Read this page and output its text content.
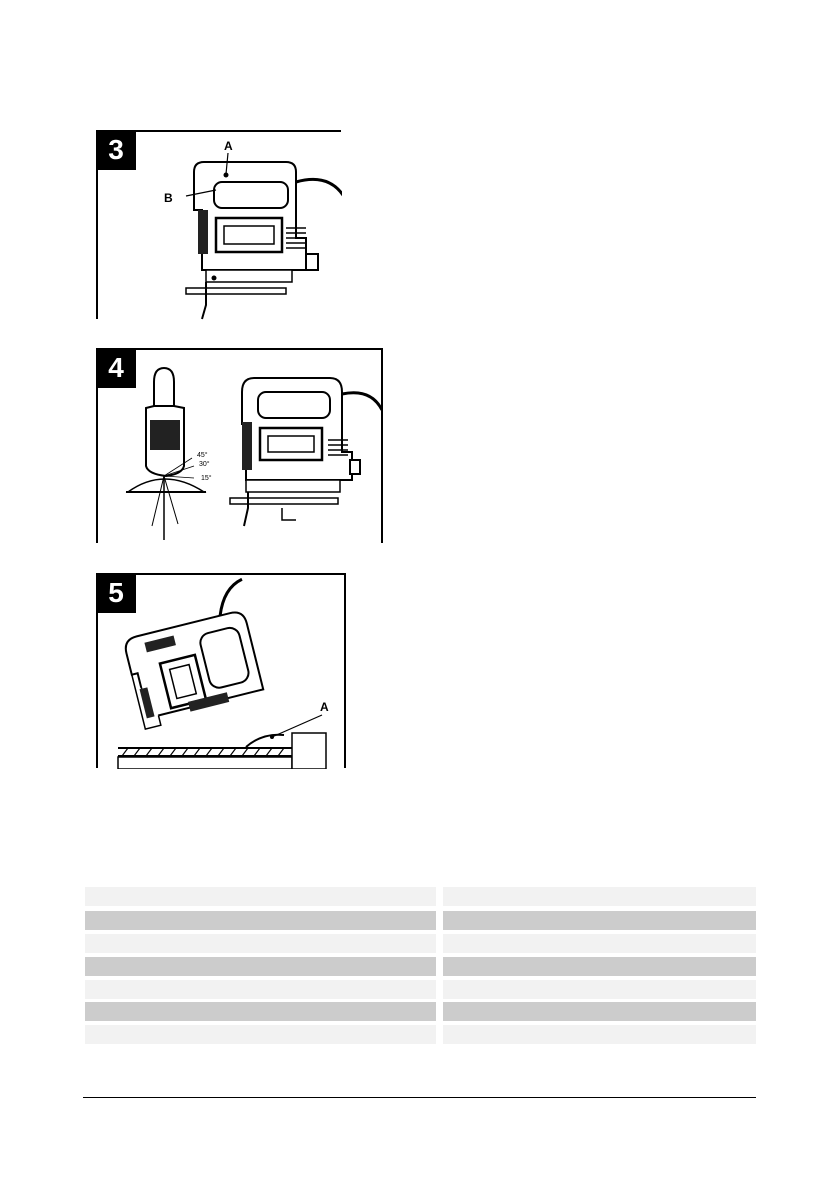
3	A
B
4
45°
30°
15°
5
A
